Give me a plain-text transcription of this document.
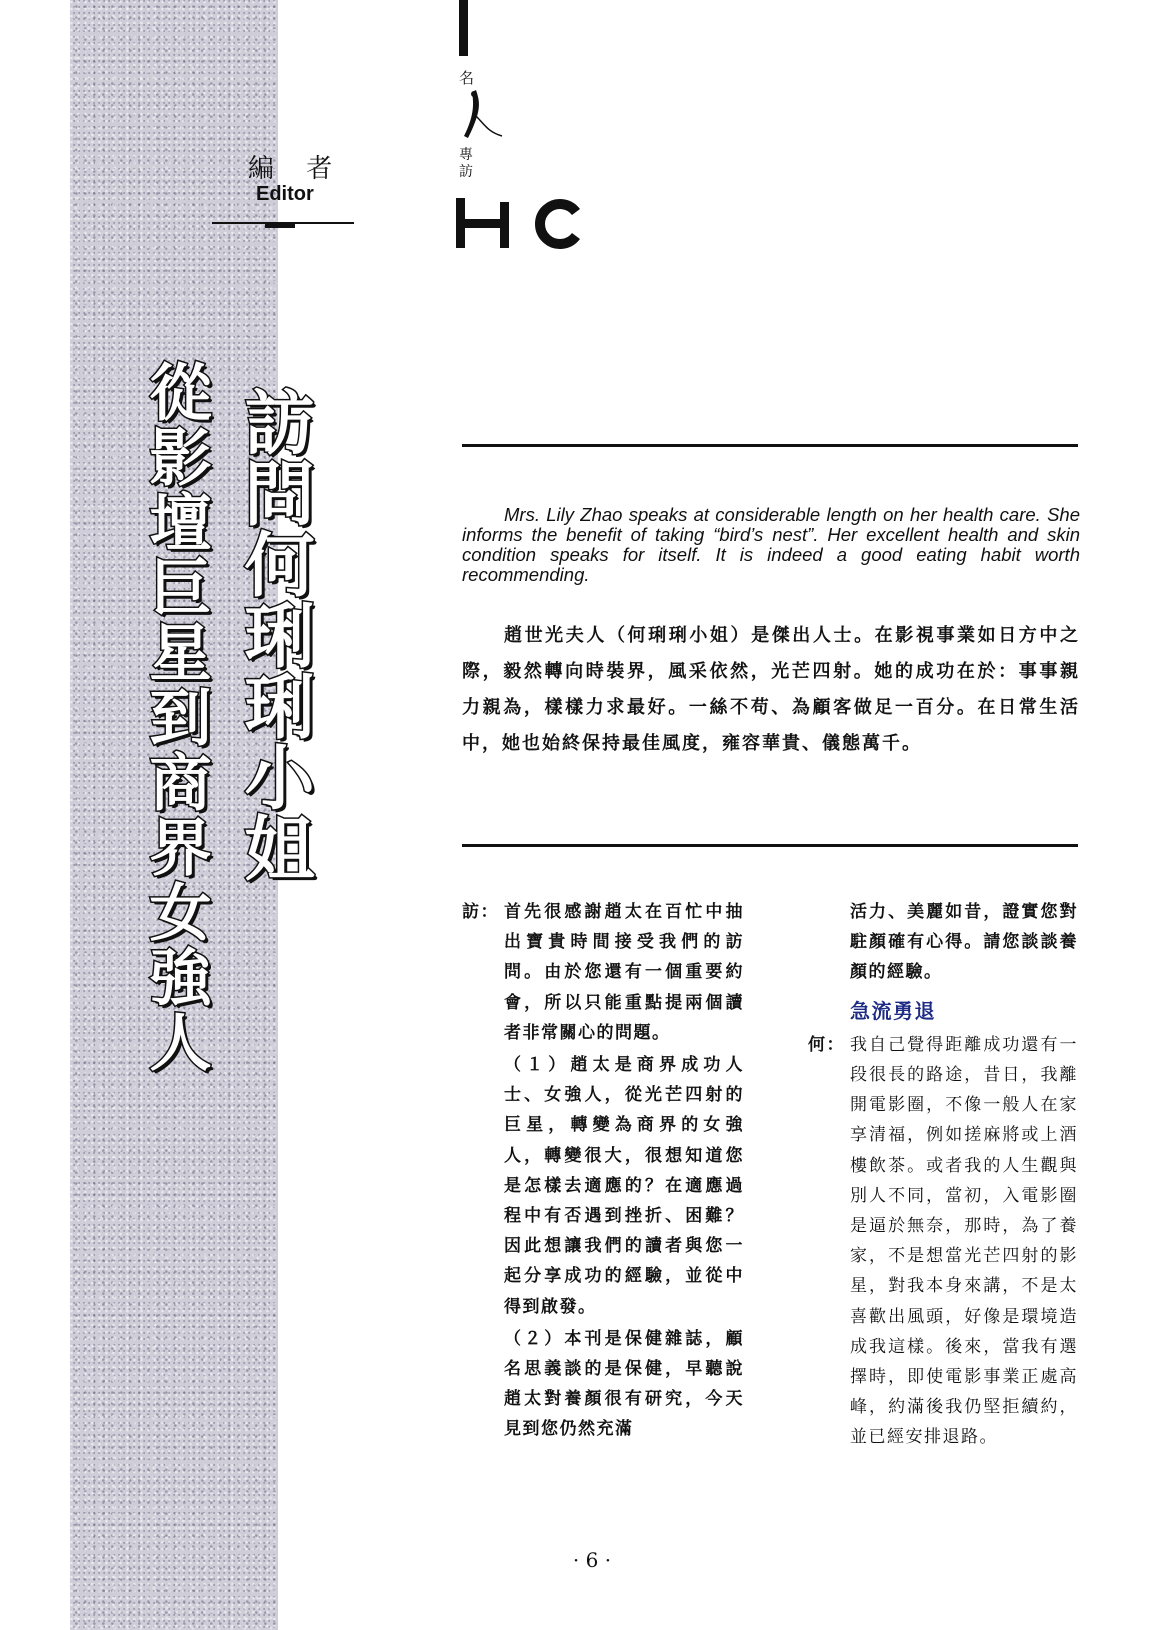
編 者
Editor
名
專訪
訪問何琍琍小姐
從影壇巨星到商界女強人	Mrs. Lily Zhao speaks at considerable length on her health care. She informs the benefit of taking “bird’s nest”. Her excellent health and skin condition speaks for itself. It is indeed a good eating habit worth recommending.
趙世光夫人（何琍琍小姐）是傑出人士。在影視事業如日方中之際，毅然轉向時裝界，風采依然，光芒四射。她的成功在於：事事親力親為，樣樣力求最好。一絲不苟、為顧客做足一百分。在日常生活中，她也始終保持最佳風度，雍容華貴、儀態萬千。
訪： 首先很感謝趙太在百忙中抽出寶貴時間接受我們的訪問。由於您還有一個重要約會，所以只能重點提兩個讀者非常關心的問題。

（１）趙太是商界成功人士、女強人，從光芒四射的巨星，轉變為商界的女強人，轉變很大，很想知道您是怎樣去適應的？在適應過程中有否遇到挫折、困難？因此想讓我們的讀者與您一起分享成功的經驗，並從中得到啟發。

（２）本刊是保健雜誌，顧名思義談的是保健，早聽說趙太對養顏很有研究，今天見到您仍然充滿

活力、美麗如昔，證實您對駐顏確有心得。請您談談養顏的經驗。
急流勇退
何： 我自己覺得距離成功還有一段很長的路途，昔日，我離開電影圈，不像一般人在家享清福，例如搓麻將或上酒樓飲茶。或者我的人生觀與別人不同，當初，入電影圈是逼於無奈，那時，為了養家，不是想當光芒四射的影星，對我本身來講，不是太喜歡出風頭，好像是環境造成我這樣。後來，當我有選擇時，即使電影事業正處高峰，約滿後我仍堅拒續約，並已經安排退路。
· 6 ·
